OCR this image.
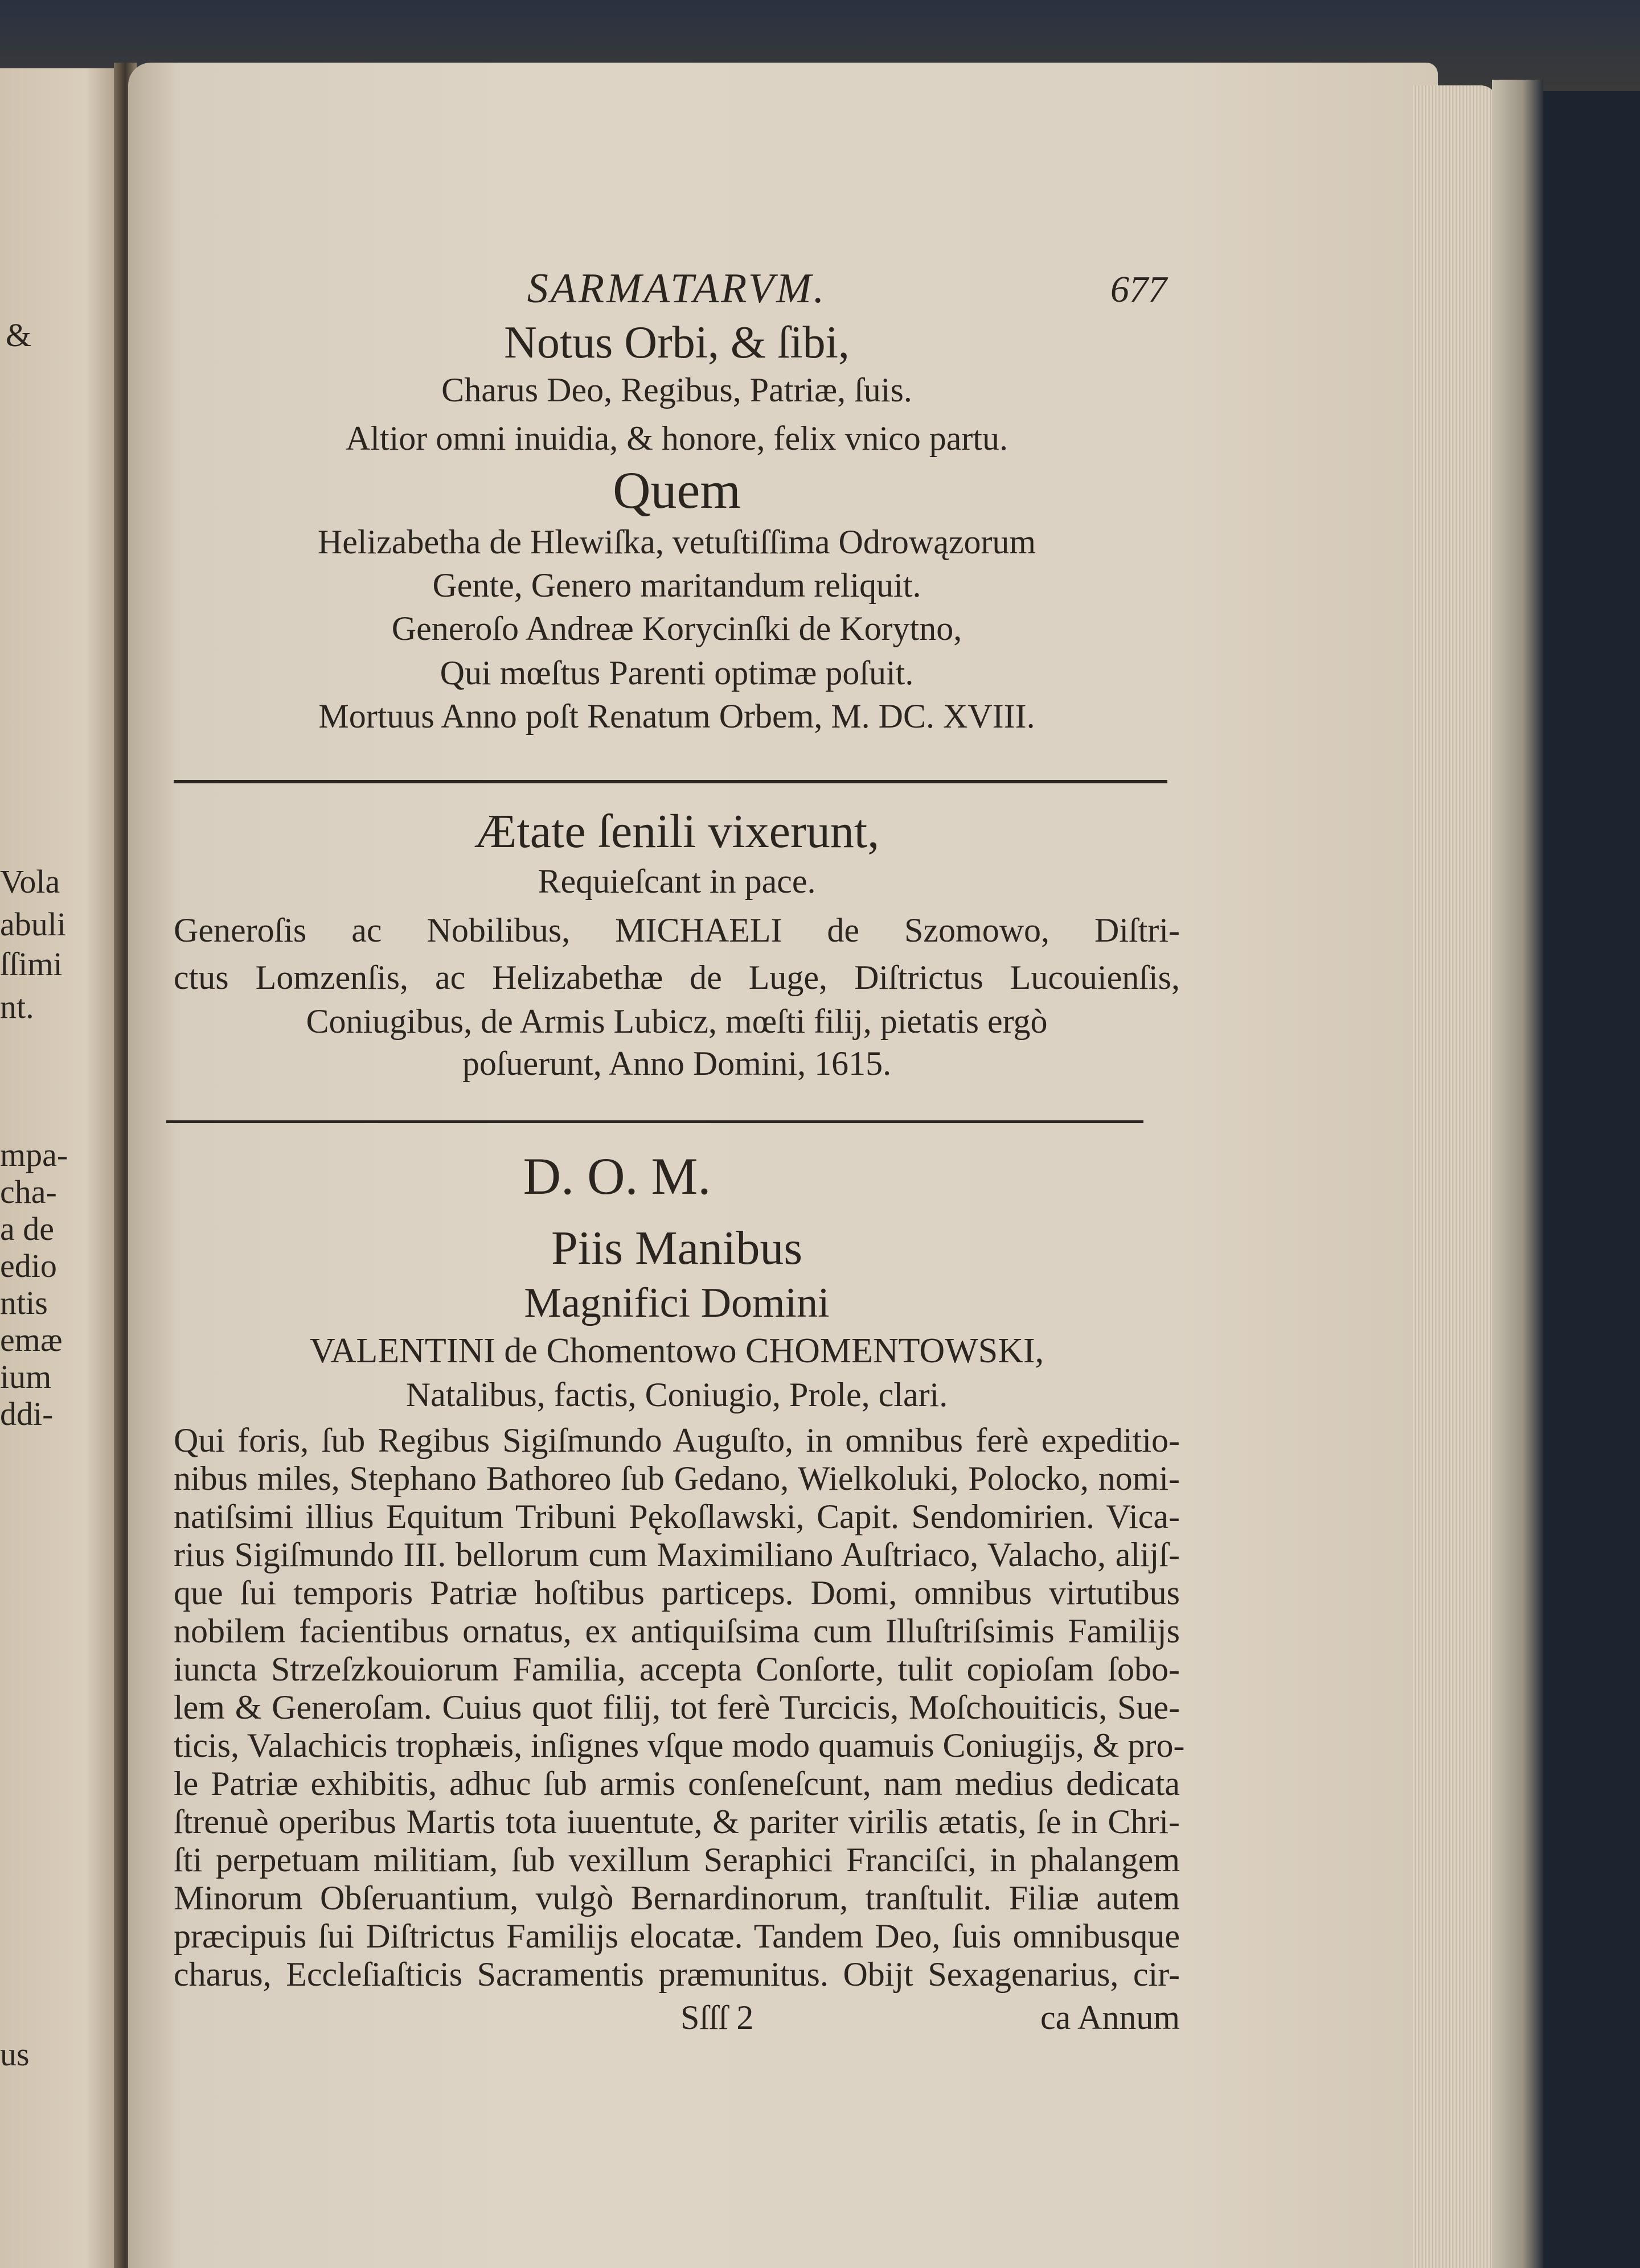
&
Vola
abuli
ſſimi
nt.
mpa-
cha-
a de
edio
ntis
emæ
ium
ddi-
us
SARMATARVM.	677
Notus Orbi, & ſibi,
Charus Deo, Regibus, Patriæ, ſuis.
Altior omni inuidia, & honore, felix vnico partu.
Quem
Helizabetha de Hlewiſka, vetuſtiſſima Odrowązorum
Gente, Genero maritandum reliquit.
Generoſo Andreæ Korycinſki de Korytno,
Qui mœſtus Parenti optimæ poſuit.
Mortuus Anno poſt Renatum Orbem, M. DC. XVIII.
Ætate ſenili vixerunt,
Requieſcant in pace.
Generoſis ac Nobilibus, MICHAELI de Szomowo, Diſtri-
ctus Lomzenſis, ac Helizabethæ de Luge, Diſtrictus Lucouienſis,
Coniugibus, de Armis Lubicz, mœſti filij, pietatis ergò
poſuerunt, Anno Domini, 1615.
D. O. M.
Piis Manibus
Magnifici Domini
VALENTINI de Chomentowo CHOMENTOWSKI,
Natalibus, factis, Coniugio, Prole, clari.
Qui foris, ſub Regibus Sigiſmundo Auguſto, in omnibus ferè expeditio-
nibus miles, Stephano Bathoreo ſub Gedano, Wielkoluki, Polocko, nomi-
natiſsimi illius Equitum Tribuni Pękoſlawski, Capit. Sendomirien. Vica-
rius Sigiſmundo III. bellorum cum Maximiliano Auſtriaco, Valacho, alijſ-
que ſui temporis Patriæ hoſtibus particeps. Domi, omnibus virtutibus
nobilem facientibus ornatus, ex antiquiſsima cum Illuſtriſsimis Familijs
iuncta Strzeſzkouiorum Familia, accepta Conſorte, tulit copioſam ſobo-
lem & Generoſam. Cuius quot filij, tot ferè Turcicis, Moſchouiticis, Sue-
ticis, Valachicis trophæis, inſignes vſque modo quamuis Coniugijs, & pro-
le Patriæ exhibitis, adhuc ſub armis conſeneſcunt, nam medius dedicata
ſtrenuè operibus Martis tota iuuentute, & pariter virilis ætatis, ſe in Chri-
ſti perpetuam militiam, ſub vexillum Seraphici Franciſci, in phalangem
Minorum Obſeruantium, vulgò Bernardinorum, tranſtulit. Filiæ autem
præcipuis ſui Diſtrictus Familijs elocatæ. Tandem Deo, ſuis omnibusque
charus, Eccleſiaſticis Sacramentis præmunitus. Obijt Sexagenarius, cir-
Sſſſ 2	ca Annum
